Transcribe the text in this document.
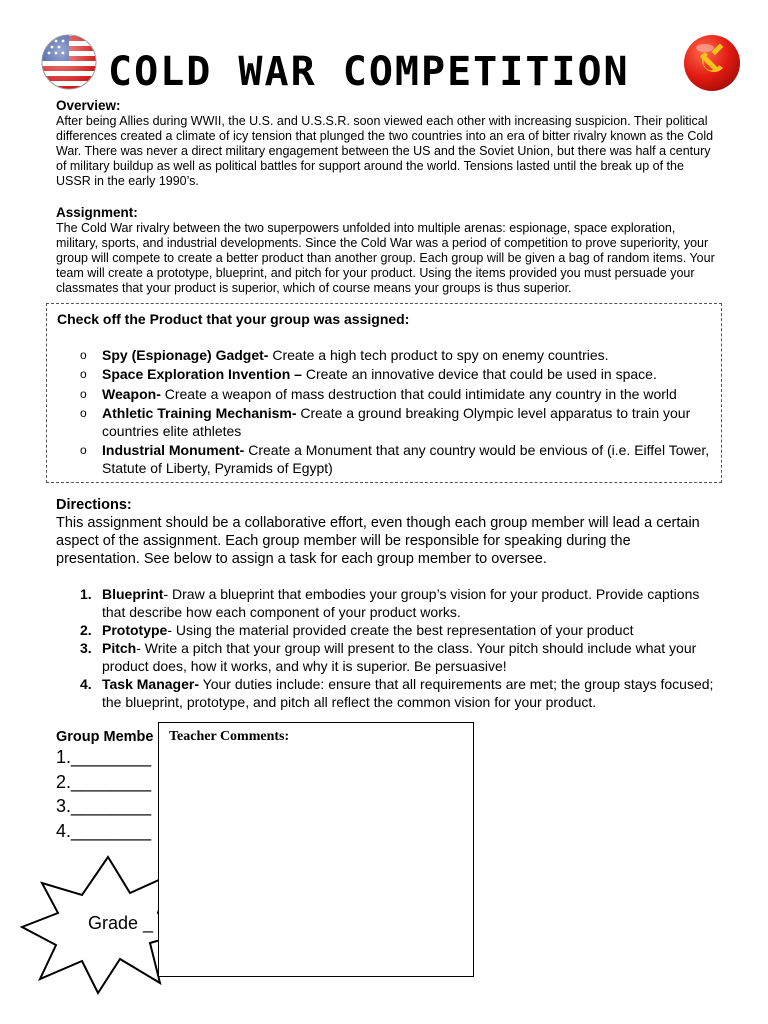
COLD WAR COMPETITION
Overview:
After being Allies during WWII, the U.S. and U.S.S.R. soon viewed each other with increasing suspicion. Their political differences created a climate of icy tension that plunged the two countries into an era of bitter rivalry known as the Cold War. There was never a direct military engagement between the US and the Soviet Union, but there was half a century of military buildup as well as political battles for support around the world. Tensions lasted until the break up of the USSR in the early 1990’s.
Assignment:
The Cold War rivalry between the two superpowers unfolded into multiple arenas: espionage, space exploration, military, sports, and industrial developments. Since the Cold War was a period of competition to prove superiority, your group will compete to create a better product than another group. Each group will be given a bag of random items. Your team will create a prototype, blueprint, and pitch for your product. Using the items provided you must persuade your classmates that your product is superior, which of course means your groups is thus superior.
Check off the Product that your group was assigned:
o Spy (Espionage) Gadget- Create a high tech product to spy on enemy countries.
o Space Exploration Invention – Create an innovative device that could be used in space.
o Weapon- Create a weapon of mass destruction that could intimidate any country in the world
o Athletic Training Mechanism- Create a ground breaking Olympic level apparatus to train your countries elite athletes
o Industrial Monument- Create a Monument that any country would be envious of (i.e. Eiffel Tower, Statute of Liberty, Pyramids of Egypt)
Directions:
This assignment should be a collaborative effort, even though each group member will lead a certain aspect of the assignment. Each group member will be responsible for speaking during the presentation. See below to assign a task for each group member to oversee.
1. Blueprint- Draw a blueprint that embodies your group’s vision for your product. Provide captions that describe how each component of your product works.
2. Prototype- Using the material provided create the best representation of your product
3. Pitch- Write a pitch that your group will present to the class. Your pitch should include what your product does, how it works, and why it is superior. Be persuasive!
4. Task Manager- Your duties include: ensure that all requirements are met; the group stays focused; the blueprint, prototype, and pitch all reflect the common vision for your product.
Group Membe
1.________
2.________
3.________
4.________
Grade _
Teacher Comments:
